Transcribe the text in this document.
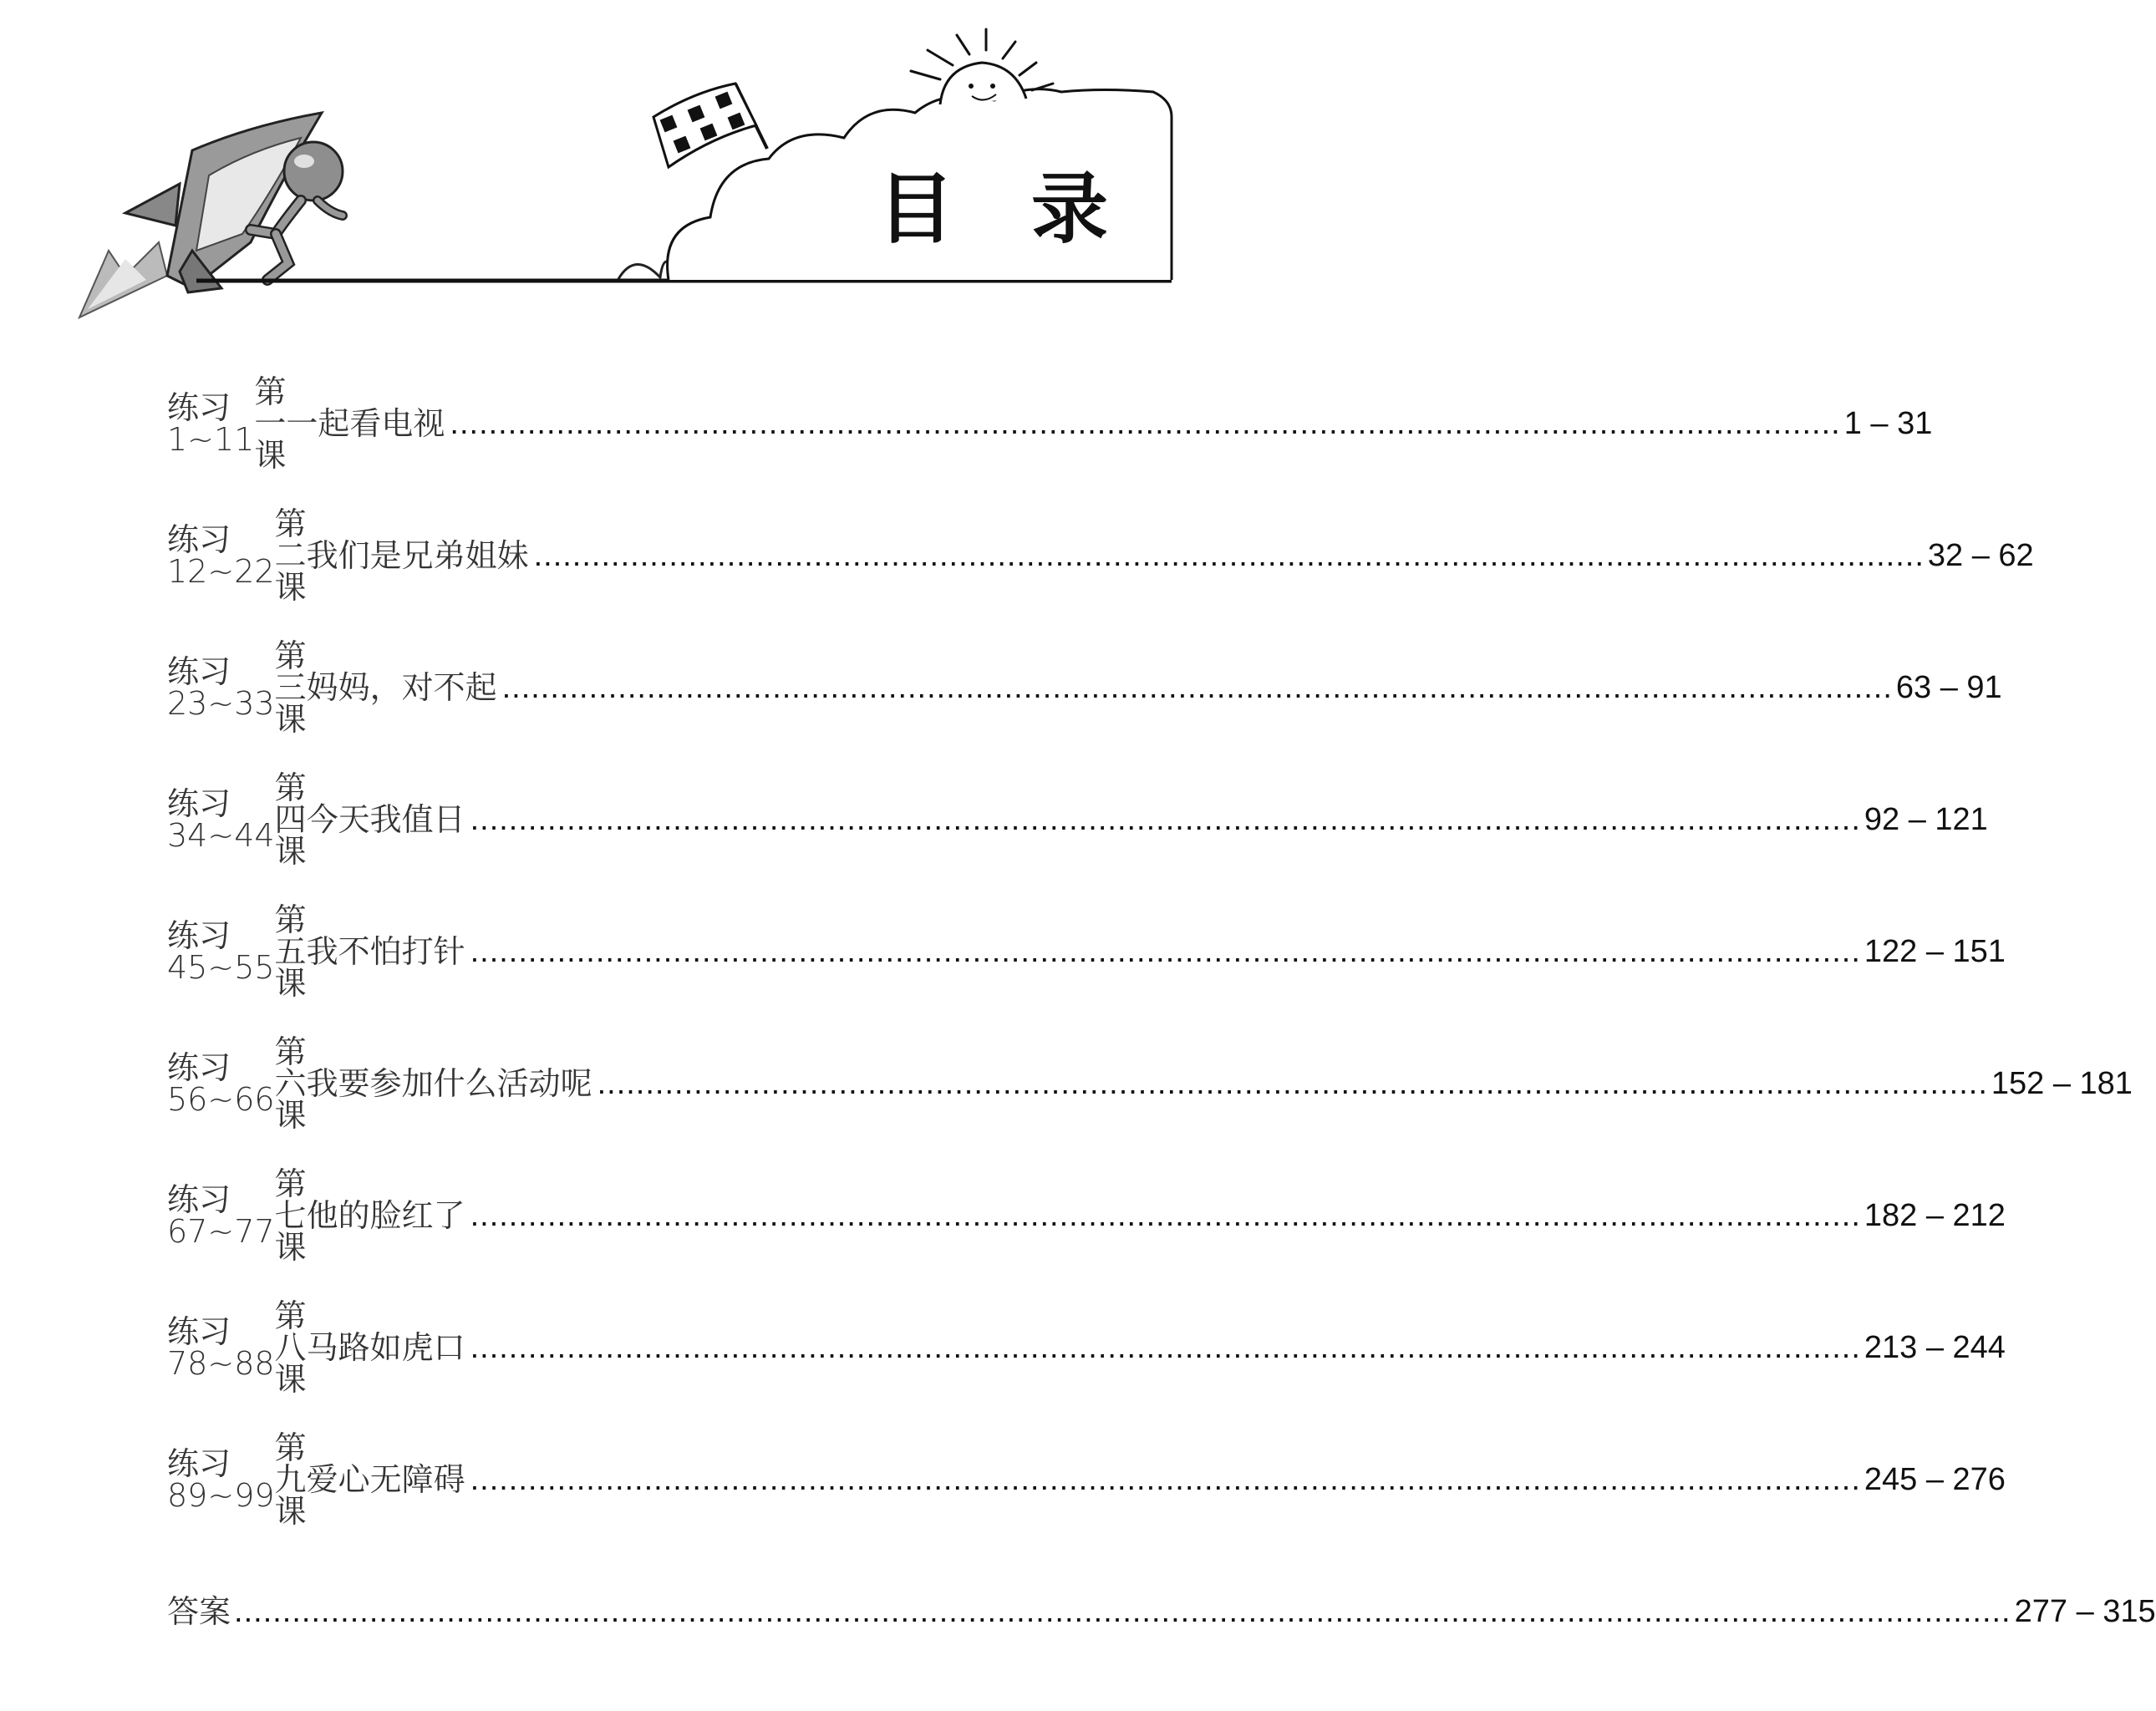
目 录
练习1~11
第一课
一起看电视 ................................................................................................................................................ 1 – 31
练习12~22
第二课
我们是兄弟姐妹 ................................................................................................................................................ 32 – 62
练习23~33
第三课
妈妈，对不起 ................................................................................................................................................ 63 – 91
练习34~44
第四课
今天我值日 ................................................................................................................................................ 92 – 121
练习45~55
第五课
我不怕打针 ................................................................................................................................................ 122 – 151
练习56~66
第六课
我要参加什么活动呢 ................................................................................................................................................ 152 – 181
练习67~77
第七课
他的脸红了 ................................................................................................................................................ 182 – 212
练习78~88
第八课
马路如虎口 ................................................................................................................................................ 213 – 244
练习89~99
第九课
爱心无障碍 ................................................................................................................................................ 245 – 276
答案 ........................................................................................................................................................................................ 277 – 315
